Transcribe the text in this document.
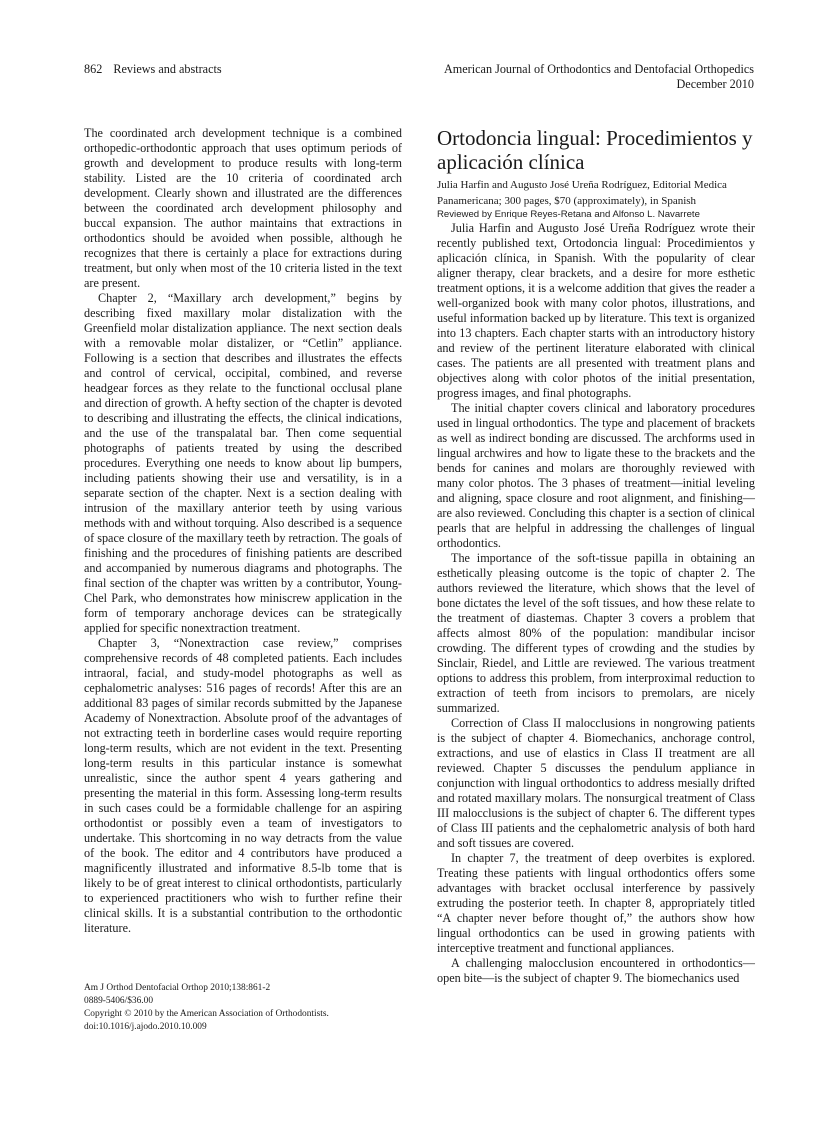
862 Reviews and abstracts	American Journal of Orthodontics and Dentofacial Orthopedics
December 2010

The coordinated arch development technique is a combined orthopedic-orthodontic approach that uses optimum periods of growth and development to produce results with long-term stability. Listed are the 10 criteria of coordinated arch development. Clearly shown and illustrated are the differences between the coordinated arch development philosophy and buccal expansion. The author maintains that extractions in orthodontics should be avoided when possible, although he recognizes that there is certainly a place for extractions during treatment, but only when most of the 10 criteria listed in the text are present.

Chapter 2, “Maxillary arch development,” begins by describing fixed maxillary molar distalization with the Greenfield molar distalization appliance. The next section deals with a removable molar distalizer, or “Cetlin” appliance. Following is a section that describes and illustrates the effects and control of cervical, occipital, combined, and reverse headgear forces as they relate to the functional occlusal plane and direction of growth. A hefty section of the chapter is devoted to describing and illustrating the effects, the clinical indications, and the use of the transpalatal bar. Then come sequential photographs of patients treated by using the described procedures. Everything one needs to know about lip bumpers, including patients showing their use and versatility, is in a separate section of the chapter. Next is a section dealing with intrusion of the maxillary anterior teeth by using various methods with and without torquing. Also described is a sequence of space closure of the maxillary teeth by retraction. The goals of finishing and the procedures of finishing patients are described and accompanied by numerous diagrams and photographs. The final section of the chapter was written by a contributor, Young-Chel Park, who demonstrates how miniscrew application in the form of temporary anchorage devices can be strategically applied for specific nonextraction treatment.

Chapter 3, “Nonextraction case review,” comprises comprehensive records of 48 completed patients. Each includes intraoral, facial, and study-model photographs as well as cephalometric analyses: 516 pages of records! After this are an additional 83 pages of similar records submitted by the Japanese Academy of Nonextraction. Absolute proof of the advantages of not extracting teeth in borderline cases would require reporting long-term results, which are not evident in the text. Presenting long-term results in this particular instance is somewhat unrealistic, since the author spent 4 years gathering and presenting the material in this form. Assessing long-term results in such cases could be a formidable challenge for an aspiring orthodontist or possibly even a team of investigators to undertake. This shortcoming in no way detracts from the value of the book. The editor and 4 contributors have produced a magnificently illustrated and informative 8.5-lb tome that is likely to be of great interest to clinical orthodontists, particularly to experienced practitioners who wish to further refine their clinical skills. It is a substantial contribution to the orthodontic literature.

Am J Orthod Dentofacial Orthop 2010;138:861-2
0889-5406/$36.00
Copyright © 2010 by the American Association of Orthodontists.
doi:10.1016/j.ajodo.2010.10.009
Ortodoncia lingual: Procedimientos y aplicación clínica

Julia Harfin and Augusto José Ureña Rodríguez, Editorial Medica Panamericana; 300 pages, $70 (approximately), in Spanish

Reviewed by Enrique Reyes-Retana and Alfonso L. Navarrete

Julia Harfin and Augusto José Ureña Rodríguez wrote their recently published text, Ortodoncia lingual: Procedimientos y aplicación clínica, in Spanish. With the popularity of clear aligner therapy, clear brackets, and a desire for more esthetic treatment options, it is a welcome addition that gives the reader a well-organized book with many color photos, illustrations, and useful information backed up by literature. This text is organized into 13 chapters. Each chapter starts with an introductory history and review of the pertinent literature elaborated with clinical cases. The patients are all presented with treatment plans and objectives along with color photos of the initial presentation, progress images, and final photographs.

The initial chapter covers clinical and laboratory procedures used in lingual orthodontics. The type and placement of brackets as well as indirect bonding are discussed. The archforms used in lingual archwires and how to ligate these to the brackets and the bends for canines and molars are thoroughly reviewed with many color photos. The 3 phases of treatment—initial leveling and aligning, space closure and root alignment, and finishing—are also reviewed. Concluding this chapter is a section of clinical pearls that are helpful in addressing the challenges of lingual orthodontics.

The importance of the soft-tissue papilla in obtaining an esthetically pleasing outcome is the topic of chapter 2. The authors reviewed the literature, which shows that the level of bone dictates the level of the soft tissues, and how these relate to the treatment of diastemas. Chapter 3 covers a problem that affects almost 80% of the population: mandibular incisor crowding. The different types of crowding and the studies by Sinclair, Riedel, and Little are reviewed. The various treatment options to address this problem, from interproximal reduction to extraction of teeth from incisors to premolars, are nicely summarized.

Correction of Class II malocclusions in nongrowing patients is the subject of chapter 4. Biomechanics, anchorage control, extractions, and use of elastics in Class II treatment are all reviewed. Chapter 5 discusses the pendulum appliance in conjunction with lingual orthodontics to address mesially drifted and rotated maxillary molars. The nonsurgical treatment of Class III malocclusions is the subject of chapter 6. The different types of Class III patients and the cephalometric analysis of both hard and soft tissues are covered.

In chapter 7, the treatment of deep overbites is explored. Treating these patients with lingual orthodontics offers some advantages with bracket occlusal interference by passively extruding the posterior teeth. In chapter 8, appropriately titled “A chapter never before thought of,” the authors show how lingual orthodontics can be used in growing patients with interceptive treatment and functional appliances.

A challenging malocclusion encountered in orthodontics—open bite—is the subject of chapter 9. The biomechanics used
